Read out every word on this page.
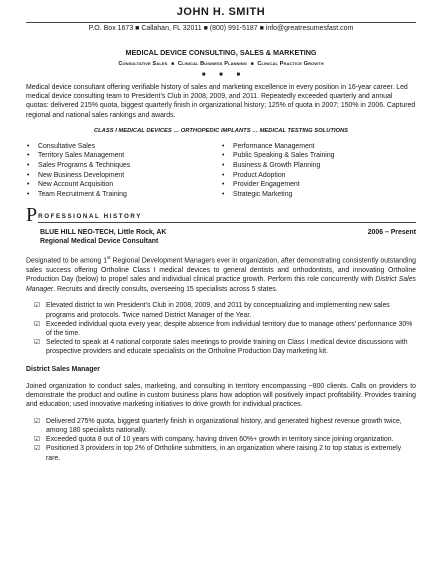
JOHN H. SMITH
P.O. Box 1673 ■ Callahan, FL 32011 ■ (800) 991-5187 ■ info@greatresumesfast.com
MEDICAL DEVICE CONSULTING, SALES & MARKETING
Consultative Sales ■ Clinical Business Planning ■ Clinical Practice Growth
■ ■ ■
Medical device consultant offering verifiable history of sales and marketing excellence in every position in 16-year career. Led medical device consulting team to President’s Club in 2008, 2009, and 2011. Repeatedly exceeded quarterly and annual quotas: delivered 215% quota, biggest quarterly finish in organizational history; 125% of quota in 2007; 150% in 2006. Captured regional and national sales rankings and awards.
CLASS I MEDICAL DEVICES … ORTHOPEDIC IMPLANTS … MEDICAL TESTING SOLUTIONS
• Consultative Sales
• Territory Sales Management
• Sales Programs & Techniques
• New Business Development
• New Account Acquisition
• Team Recruitment & Training
• Performance Management
• Public Speaking & Sales Training
• Business & Growth Planning
• Product Adoption
• Provider Engagement
• Strategic Marketing
P ROFESSIONAL HISTORY
BLUE HILL NEO-TECH, Little Rock, AK	2006 – Present
Regional Medical Device Consultant
Designated to be among 1st Regional Development Managers ever in organization, after demonstrating consistently outstanding sales success offering Ortholine Class I medical devices to general dentists and orthodontists, and innovating Ortholine Production Day (below) to propel sales and individual clinical practice growth. Perform this role concurrently with District Sales Manager. Recruits and directly consults, overseeing 15 specialists across 5 states.
☑ Elevated district to win President’s Club in 2008, 2009, and 2011 by conceptualizing and implementing new sales programs and protocols. Twice named District Manager of the Year.
☑ Exceeded individual quota every year, despite absence from individual territory due to manage others’ performance 30% of the time.
☑ Selected to speak at 4 national corporate sales meetings to provide training on Class I medical device discussions with prospective providers and educate specialists on the Ortholine Production Day marketing kit.
District Sales Manager
Joined organization to conduct sales, marketing, and consulting in territory encompassing ~800 clients. Calls on providers to demonstrate the product and outline in custom business plans how adoption will positively impact profitability. Provides training and education; used innovative marketing initiatives to drive growth for individual practices.
☑ Delivered 275% quota, biggest quarterly finish in organizational history, and generated highest revenue growth twice, among 180 specialists nationally.
☑ Exceeded quota 8 out of 10 years with company, having driven 60%+ growth in territory since joining organization.
☑ Positioned 3 providers in top 2% of Ortholine submitters, in an organization where raising 2 to top status is extremely rare.
